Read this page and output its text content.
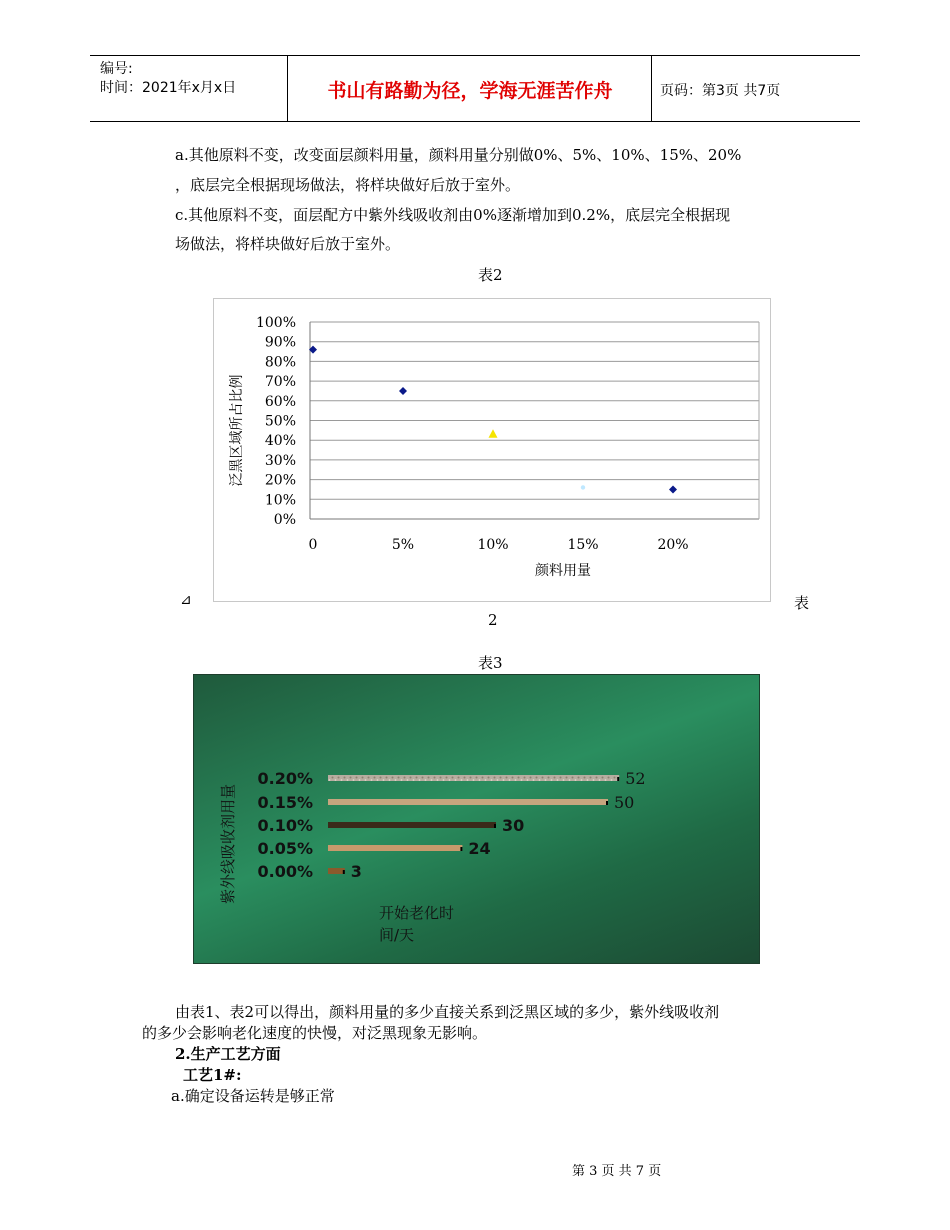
编号:
时间：2021年x月x日	书山有路勤为径，学海无涯苦作舟	页码：第3页 共7页
a.其他原料不变，改变面层颜料用量，颜料用量分别做0%、5%、10%、15%、20%
，底层完全根据现场做法，将样块做好后放于室外。
c.其他原料不变，面层配方中紫外线吸收剂由0%逐渐增加到0.2%，底层完全根据现
场做法，将样块做好后放于室外。
表2
100%
90%
80%
70%
60%
50%
40%
30%
20%
10%
0%
0	5%	10%	15%	20%
颜料用量
泛黑区域所占比例
⊿	表
2
表3
0.20%
0.15%
0.10%
0.05%
0.00%
52
50
30
24
3
紫外线吸收剂用量
开始老化时
间/天
由表1、表2可以得出，颜料用量的多少直接关系到泛黑区域的多少，紫外线吸收剂
的多少会影响老化速度的快慢，对泛黑现象无影响。
2.生产工艺方面
工艺1#:
a.确定设备运转是够正常
第 3 页 共 7 页
